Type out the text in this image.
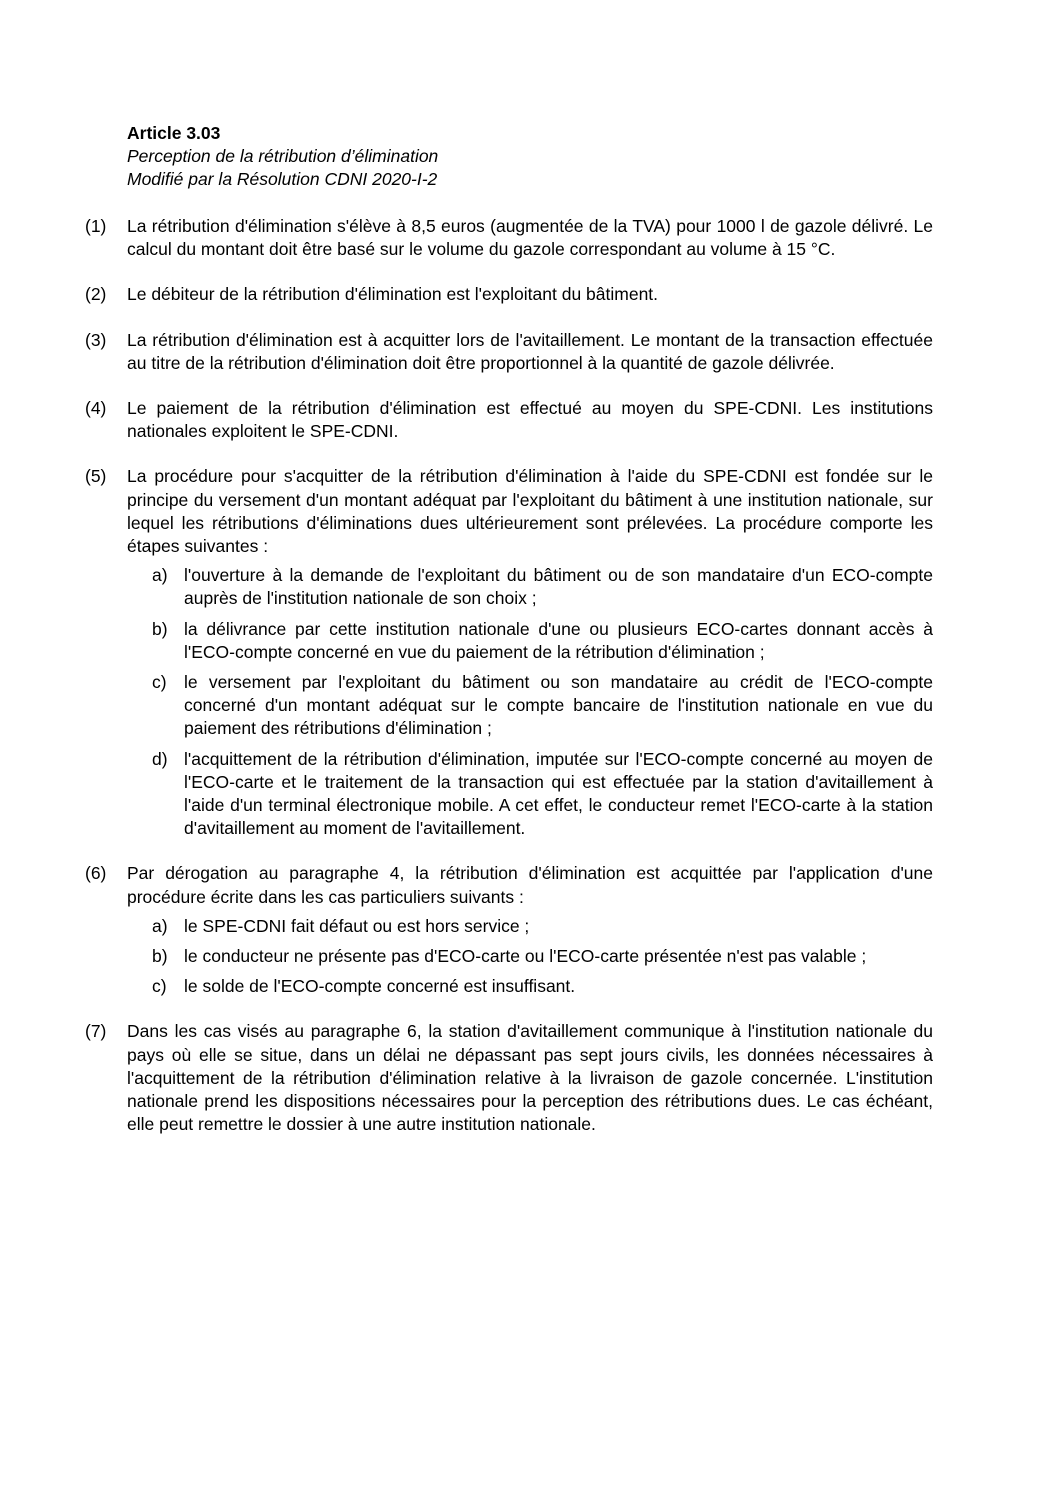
Article 3.03
Perception de la rétribution d’élimination
Modifié par la Résolution CDNI 2020-I-2
(1) La rétribution d'élimination s'élève à 8,5 euros (augmentée de la TVA) pour 1000 l de gazole délivré. Le calcul du montant doit être basé sur le volume du gazole correspondant au volume à 15 °C.
(2) Le débiteur de la rétribution d'élimination est l'exploitant du bâtiment.
(3) La rétribution d'élimination est à acquitter lors de l'avitaillement. Le montant de la transaction effectuée au titre de la rétribution d'élimination doit être proportionnel à la quantité de gazole délivrée.
(4) Le paiement de la rétribution d'élimination est effectué au moyen du SPE-CDNI. Les institutions nationales exploitent le SPE-CDNI.
(5) La procédure pour s'acquitter de la rétribution d'élimination à l'aide du SPE-CDNI est fondée sur le principe du versement d'un montant adéquat par l'exploitant du bâtiment à une institution nationale, sur lequel les rétributions d'éliminations dues ultérieurement sont prélevées. La procédure comporte les étapes suivantes :
a) l'ouverture à la demande de l'exploitant du bâtiment ou de son mandataire d'un ECO-compte auprès de l'institution nationale de son choix ;
b) la délivrance par cette institution nationale d'une ou plusieurs ECO-cartes donnant accès à l'ECO-compte concerné en vue du paiement de la rétribution d'élimination ;
c) le versement par l'exploitant du bâtiment ou son mandataire au crédit de l'ECO-compte concerné d'un montant adéquat sur le compte bancaire de l'institution nationale en vue du paiement des rétributions d'élimination ;
d) l'acquittement de la rétribution d'élimination, imputée sur l'ECO-compte concerné au moyen de l'ECO-carte et le traitement de la transaction qui est effectuée par la station d'avitaillement à l'aide d'un terminal électronique mobile. A cet effet, le conducteur remet l'ECO-carte à la station d'avitaillement au moment de l'avitaillement.
(6) Par dérogation au paragraphe 4, la rétribution d'élimination est acquittée par l'application d'une procédure écrite dans les cas particuliers suivants :
a) le SPE-CDNI fait défaut ou est hors service ;
b) le conducteur ne présente pas d'ECO-carte ou l'ECO-carte présentée n'est pas valable ;
c) le solde de l'ECO-compte concerné est insuffisant.
(7) Dans les cas visés au paragraphe 6, la station d'avitaillement communique à l'institution nationale du pays où elle se situe, dans un délai ne dépassant pas sept jours civils, les données nécessaires à l'acquittement de la rétribution d'élimination relative à la livraison de gazole concernée. L'institution nationale prend les dispositions nécessaires pour la perception des rétributions dues. Le cas échéant, elle peut remettre le dossier à une autre institution nationale.
